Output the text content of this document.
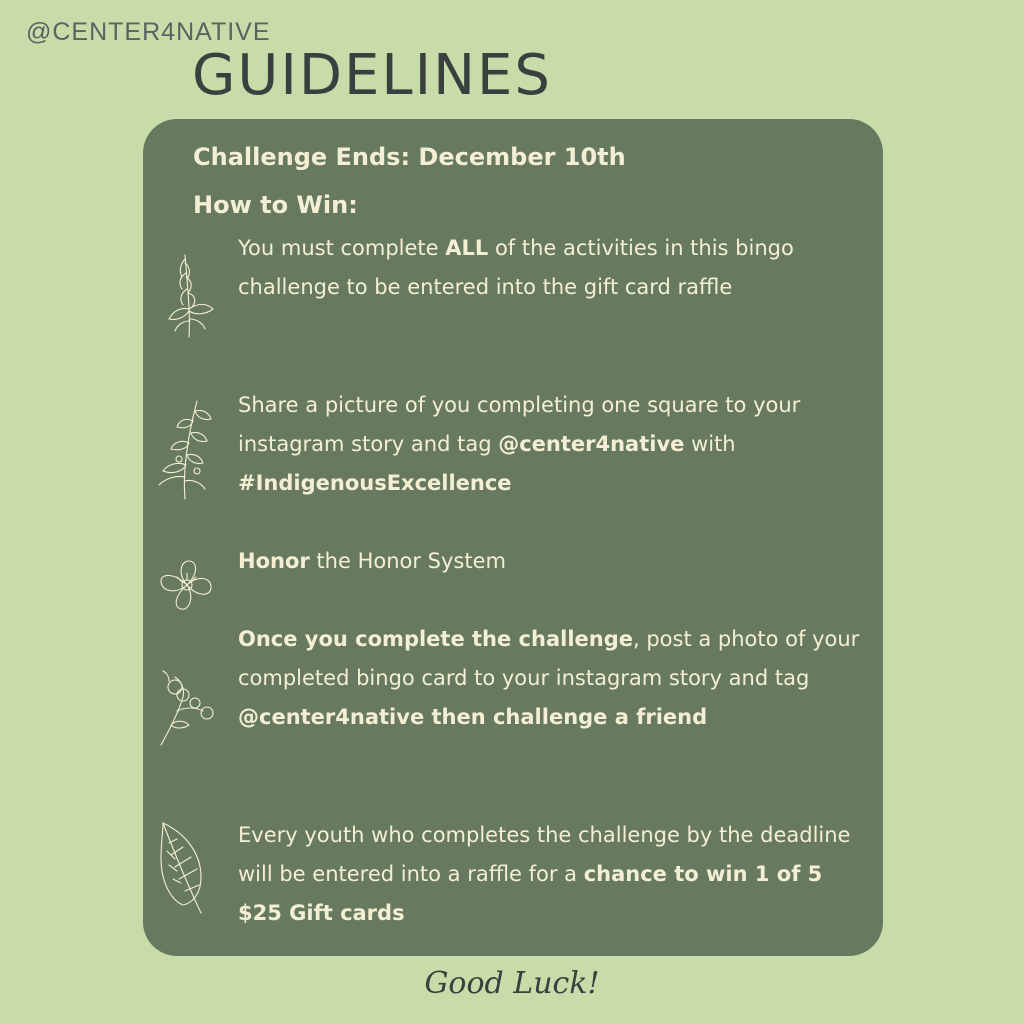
@CENTER4NATIVE
GUIDELINES
Challenge Ends: December 10th
How to Win:
You must complete ALL of the activities in this bingo challenge to be entered into the gift card raffle
Share a picture of you completing one square to your instagram story and tag @center4native with #IndigenousExcellence
Honor the Honor System
Once you complete the challenge, post a photo of your completed bingo card to your instagram story and tag @center4native then challenge a friend
Every youth who completes the challenge by the deadline will be entered into a raffle for a chance to win 1 of 5 $25 Gift cards
Good Luck!
